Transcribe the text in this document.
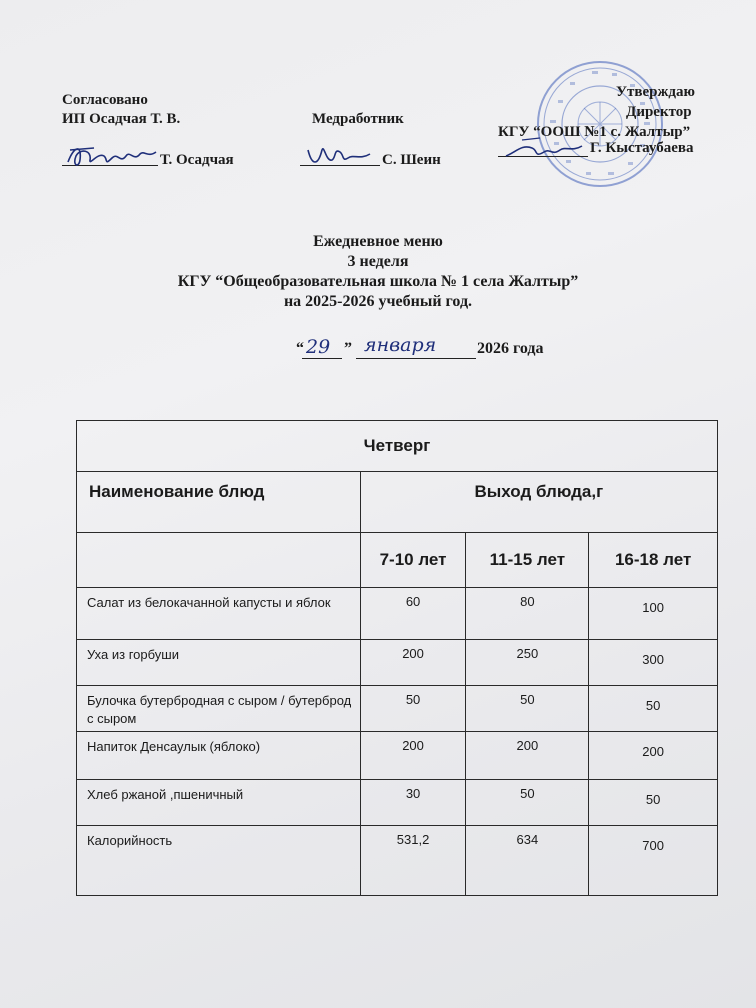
Согласовано
ИП Осадчая Т. В.
Т. Осадчая
Медработник
С. Шеин
Утверждаю
Директор
КГУ “ООШ №1 с. Жалтыр”
Г. Кыстаубаева
Ежедневное меню
3 неделя
КГУ “Общеобразовательная школа № 1 села Жалтыр”
на 2025-2026 учебный год.
“ 29 ” января	2026 года
Четверг			

Наименование блюд	Выход блюда,г		

	7-10 лет	11-15 лет	16-18 лет

Салат из белокачанной капусты и яблок	60	80	100

Уха из горбуши	200	250	300

Булочка бутербродная с сыром / бутерброд с сыром	50	50	50

Напиток Денсаулык (яблоко)	200	200	200

Хлеб ржаной ,пшеничный	30	50	50

Калорийность	531,2	634	700
